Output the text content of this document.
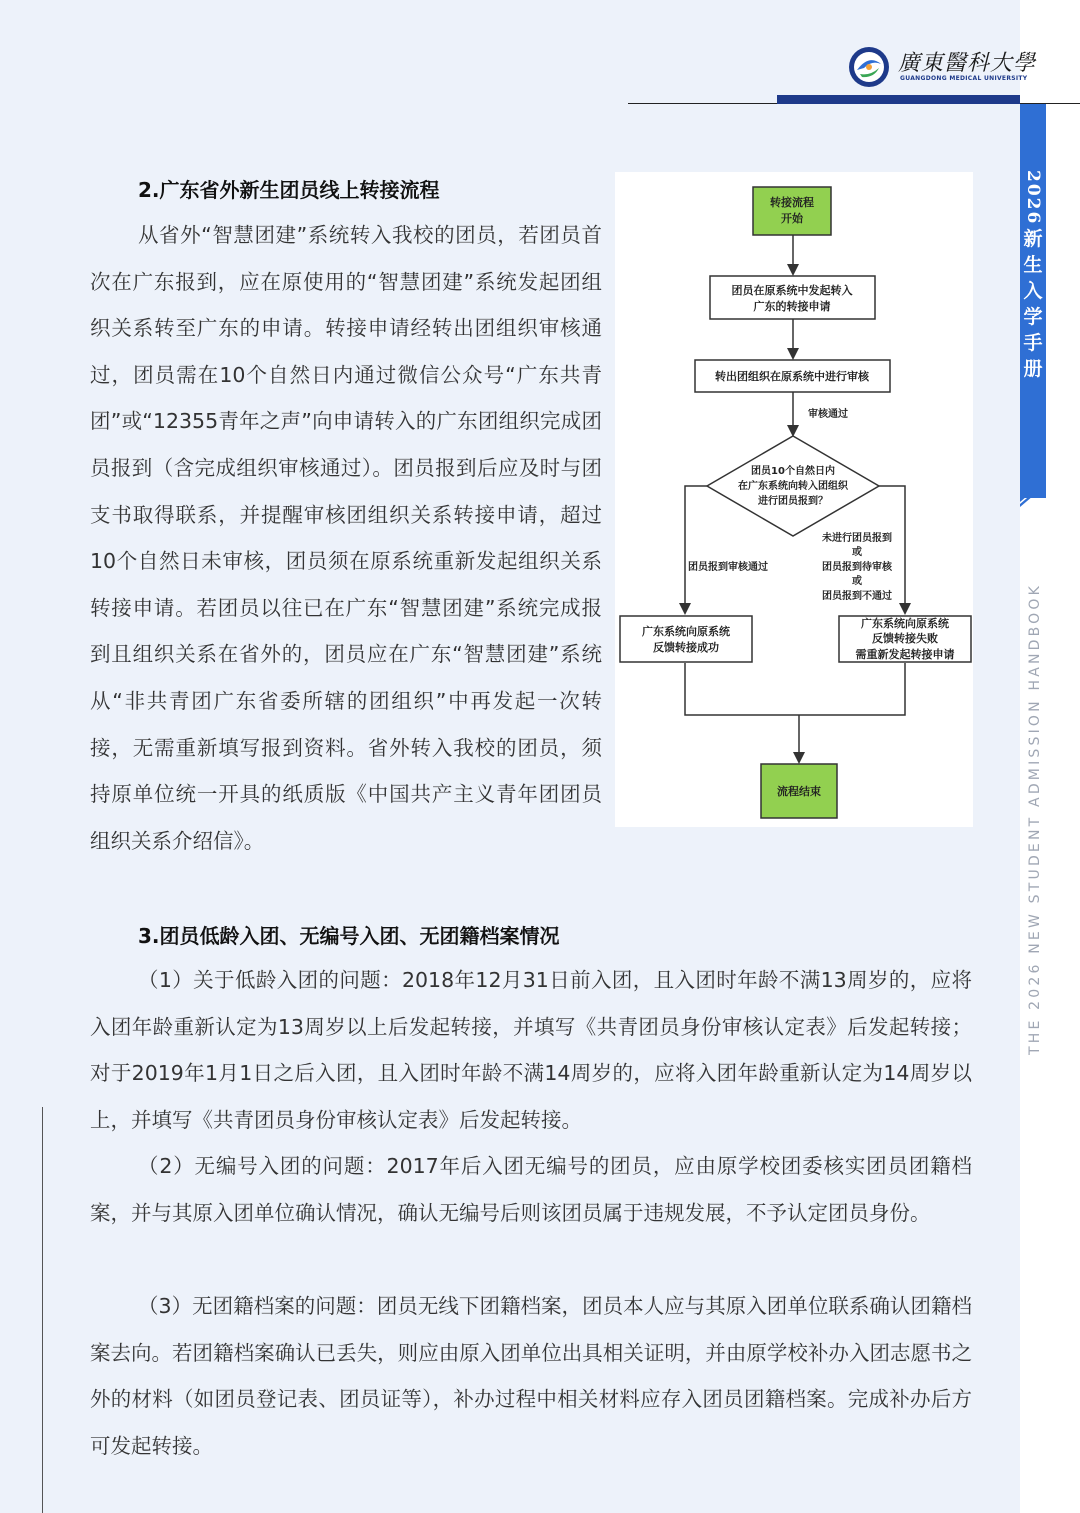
廣東醫科大學
GUANGDONG MEDICAL UNIVERSITY
2026
新
生
入
学
手
册
THE 2026 NEW STUDENT ADMISSION HANDBOOK
2.广东省外新生团员线上转接流程
从省外“智慧团建”系统转入我校的团员，若团员首次在广东报到，应在原使用的“智慧团建”系统发起团组织关系转至广东的申请。转接申请经转出团组织审核通过，团员需在10个自然日内通过微信公众号“广东共青团”或“12355青年之声”向申请转入的广东团组织完成团员报到（含完成组织审核通过）。团员报到后应及时与团支书取得联系，并提醒审核团组织关系转接申请，超过10个自然日未审核，团员须在原系统重新发起组织关系转接申请。若团员以往已在广东“智慧团建”系统完成报到且组织关系在省外的，团员应在广东“智慧团建”系统从“非共青团广东省委所辖的团组织”中再发起一次转接，无需重新填写报到资料。省外转入我校的团员，须持原单位统一开具的纸质版《中国共产主义青年团团员组织关系介绍信》。
转接流程
开始
团员在原系统中发起转入
广东的转接申请
转出团组织在原系统中进行审核
审核通过
团员10个自然日内
在广东系统向转入团组织
进行团员报到？
团员报到审核通过
未进行团员报到
或
团员报到待审核
或
团员报到不通过
广东系统向原系统
反馈转接成功
广东系统向原系统
反馈转接失败
需重新发起转接申请
流程结束
3.团员低龄入团、无编号入团、无团籍档案情况
（1）关于低龄入团的问题：2018年12月31日前入团，且入团时年龄不满13周岁的，应将入团年龄重新认定为13周岁以上后发起转接，并填写《共青团员身份审核认定表》后发起转接；对于2019年1月1日之后入团，且入团时年龄不满14周岁的，应将入团年龄重新认定为14周岁以上，并填写《共青团员身份审核认定表》后发起转接。
（2）无编号入团的问题：2017年后入团无编号的团员，应由原学校团委核实团员团籍档案，并与其原入团单位确认情况，确认无编号后则该团员属于违规发展，不予认定团员身份。
（3）无团籍档案的问题：团员无线下团籍档案，团员本人应与其原入团单位联系确认团籍档案去向。若团籍档案确认已丢失，则应由原入团单位出具相关证明，并由原学校补办入团志愿书之外的材料（如团员登记表、团员证等），补办过程中相关材料应存入团员团籍档案。完成补办后方可发起转接。
